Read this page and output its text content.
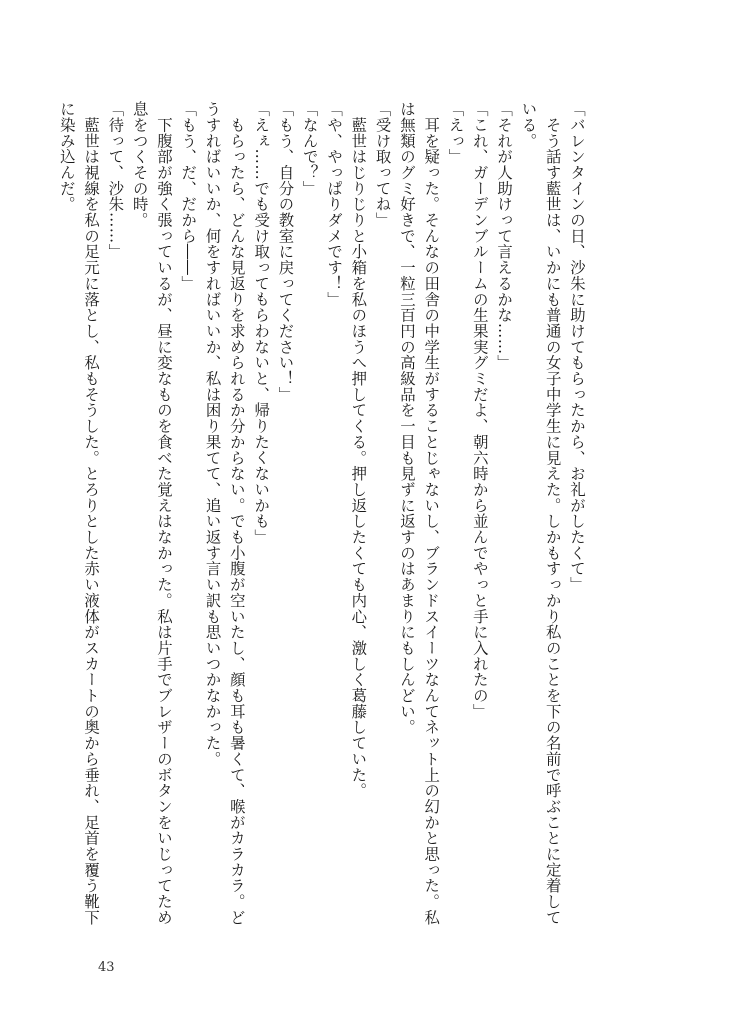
「バレンタインの日、沙朱に助けてもらったから、お礼がしたくて」
　そう話す藍世は、いかにも普通の女子中学生に見えた。しかもすっかり私のことを下の名前で呼ぶことに定着して
いる。
「それが人助けって言えるかな……」
「これ、ガーデンブルームの生果実グミだよ、朝六時から並んでやっと手に入れたの」
「えっ」
　耳を疑った。そんなの田舎の中学生がすることじゃないし、ブランドスイーツなんてネット上の幻かと思った。私
は無類のグミ好きで、一粒三百円の高級品を一目も見ずに返すのはあまりにもしんどい。
「受け取ってね」
　藍世はじりじりと小箱を私のほうへ押してくる。押し返したくても内心、激しく葛藤していた。
「や、やっぱりダメです！」
「なんで？」
「もう、自分の教室に戻ってください！」
「えぇ……でも受け取ってもらわないと、帰りたくないかも」
　もらったら、どんな見返りを求められるか分からない。でも小腹が空いたし、顔も耳も暑くて、喉がカラカラ。ど
うすればいいか、何をすればいいか、私は困り果てて、追い返す言い訳も思いつかなかった。
「もう、だ、だから――」
　下腹部が強く張っているが、昼に変なものを食べた覚えはなかった。私は片手でブレザーのボタンをいじってため
息をつくその時。
「待って、沙朱……」
　藍世は視線を私の足元に落とし、私もそうした。とろりとした赤い液体がスカートの奥から垂れ、足首を覆う靴下
に染み込んだ。
43
